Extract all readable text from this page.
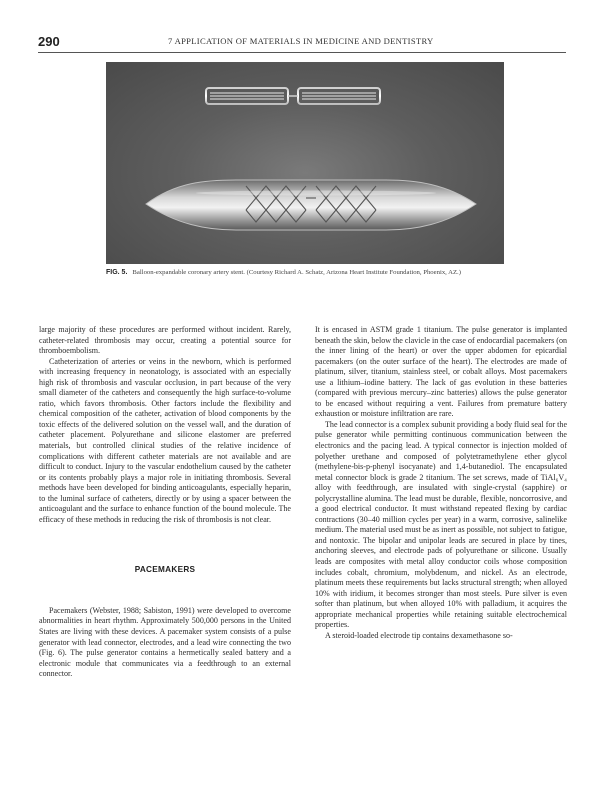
290	7 APPLICATION OF MATERIALS IN MEDICINE AND DENTISTRY
FIG. 5. Balloon-expandable coronary artery stent. (Courtesy Richard A. Schatz, Arizona Heart Institute Foundation, Phoenix, AZ.)

large majority of these procedures are performed without incident. Rarely, catheter-related thrombosis may occur, creating a potential source for thromboembolism.

Catheterization of arteries or veins in the newborn, which is performed with increasing frequency in neonatology, is associated with an especially high risk of thrombosis and vascular occlusion, in part because of the very small diameter of the catheters and consequently the high surface-to-volume ratio, which favors thrombosis. Other factors include the flexibility and chemical composition of the catheter, activation of blood components by the toxic effects of the delivered solution on the vessel wall, and the duration of catheter placement. Polyurethane and silicone elastomer are preferred materials, but controlled clinical studies of the relative incidence of complications with different catheter materials are not available and are difficult to conduct. Injury to the vascular endothelium caused by the catheter or its contents probably plays a major role in initiating thrombosis. Several methods have been developed for binding anticoagulants, especially heparin, to the luminal surface of catheters, directly or by using a spacer between the anticoagulant and the surface to enhance function of the bound molecule. The efficacy of these methods in reducing the risk of thrombosis is not clear.

PACEMAKERS

Pacemakers (Webster, 1988; Sabiston, 1991) were developed to overcome abnormalities in heart rhythm. Approximately 500,000 persons in the United States are living with these devices. A pacemaker system consists of a pulse generator with lead connector, electrodes, and a lead wire connecting the two (Fig. 6). The pulse generator contains a hermetically sealed battery and a electronic module that communicates via a feedthrough to an external connector.

It is encased in ASTM grade 1 titanium. The pulse generator is implanted beneath the skin, below the clavicle in the case of endocardial pacemakers (on the inner lining of the heart) or over the upper abdomen for epicardial pacemakers (on the outer surface of the heart). The electrodes are made of platinum, silver, titanium, stainless steel, or cobalt alloys. Most pacemakers use a lithium–iodine battery. The lack of gas evolution in these batteries (compared with previous mercury–zinc batteries) allows the pulse generator to be encased without requiring a vent. Failures from premature battery exhaustion or moisture infiltration are rare.

The lead connector is a complex subunit providing a body fluid seal for the pulse generator while permitting continuous communication between the electronics and the pacing lead. A typical connector is injection molded of polyether urethane and composed of polytetramethylene ether glycol (methylene-bis-p-phenyl isocyanate) and 1,4-butanediol. The encapsulated metal connector block is grade 2 titanium. The set screws, made of TiAl₆V₄ alloy with feedthrough, are insulated with single-crystal (sapphire) or polycrystalline alumina. The lead must be durable, flexible, noncorrosive, and a good electrical conductor. It must withstand repeated flexing by cardiac contractions (30–40 million cycles per year) in a warm, corrosive, salinelike medium. The material used must be as inert as possible, not subject to fatigue, and nontoxic. The bipolar and unipolar leads are secured in place by tines, anchoring sleeves, and electrode pads of polyurethane or silicone. Usually leads are composites with metal alloy conductor coils whose composition includes cobalt, chromium, molybdenum, and nickel. As an electrode, platinum meets these requirements but lacks structural strength; when alloyed 10% with iridium, it becomes stronger than most steels. Pure silver is even softer than platinum, but when alloyed 10% with palladium, it acquires the appropriate mechanical properties while retaining suitable electrochemical properties.

A steroid-loaded electrode tip contains dexamethasone so-
